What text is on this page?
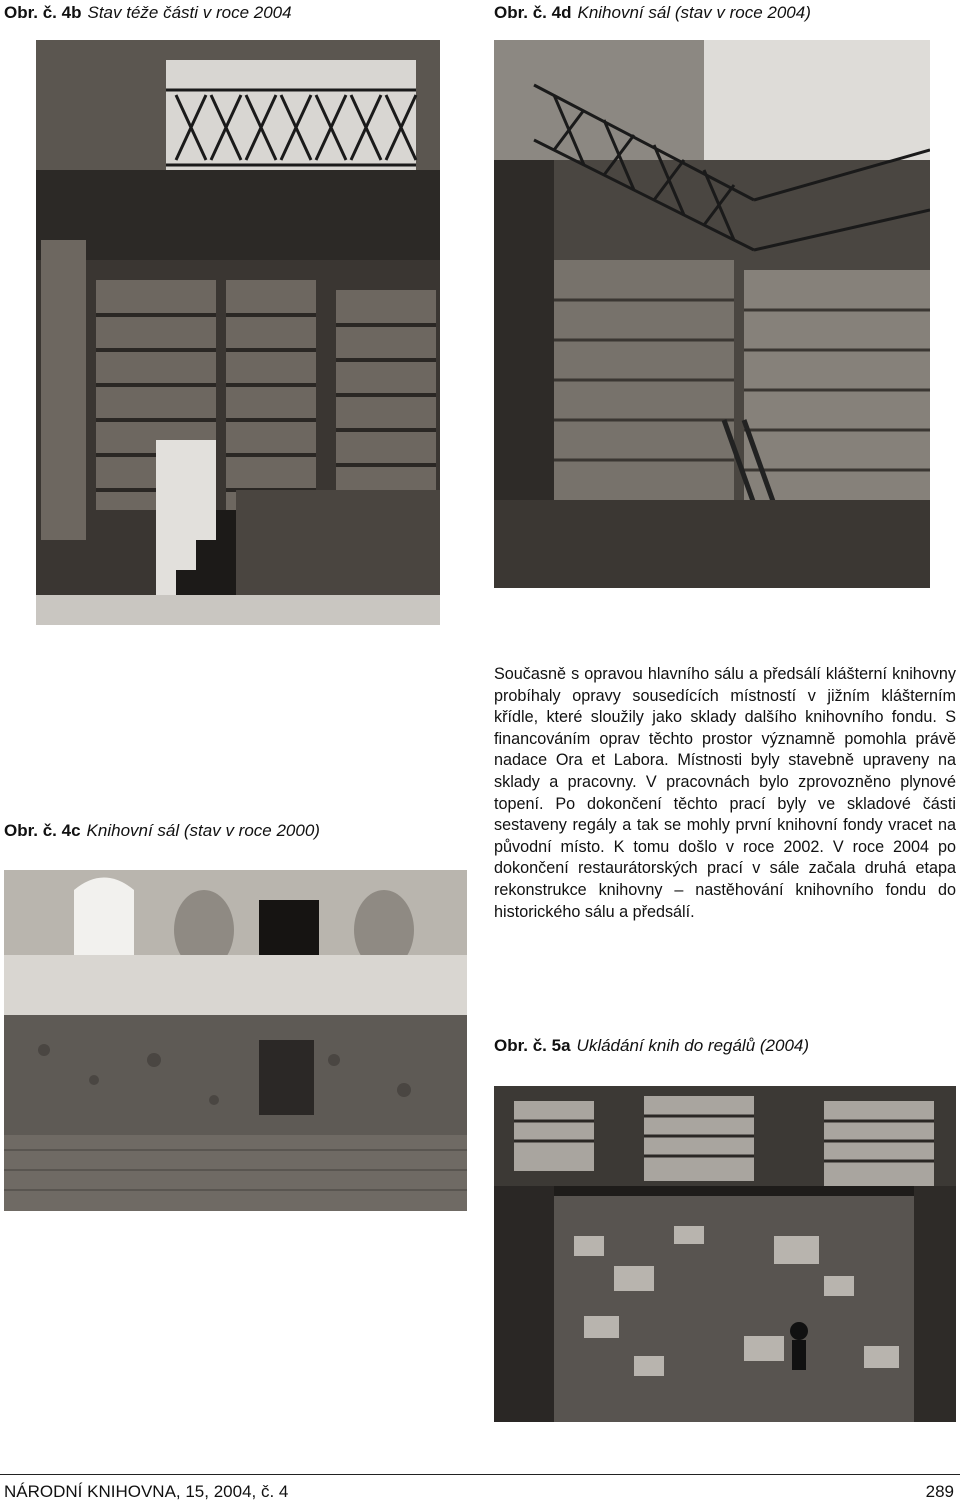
Obr. č. 4b Stav téže části v roce 2004	Obr. č. 4d Knihovní sál (stav v roce 2004)
Obr. č. 4c Knihovní sál (stav v roce 2000)

Současně s opravou hlavního sálu a předsálí klášterní knihovny probíhaly opravy sousedících místností v jižním klášterním křídle, které sloužily jako sklady dalšího knihovního fondu. S financováním oprav těchto prostor významně pomohla právě nadace Ora et Labora. Místnosti byly stavebně upraveny na sklady a pracovny. V pracovnách bylo zprovozněno plynové topení. Po dokončení těchto prací byly ve skladové části sestaveny regály a tak se mohly první knihovní fondy vracet na původní místo. K tomu došlo v roce 2002. V roce 2004 po dokončení restaurátorských prací v sále začala druhá etapa rekonstrukce knihovny – nastěhování knihovního fondu do historického sálu a předsálí.

Obr. č. 5a Ukládání knih do regálů (2004)
NÁRODNÍ KNIHOVNA, 15, 2004, č. 4	289
